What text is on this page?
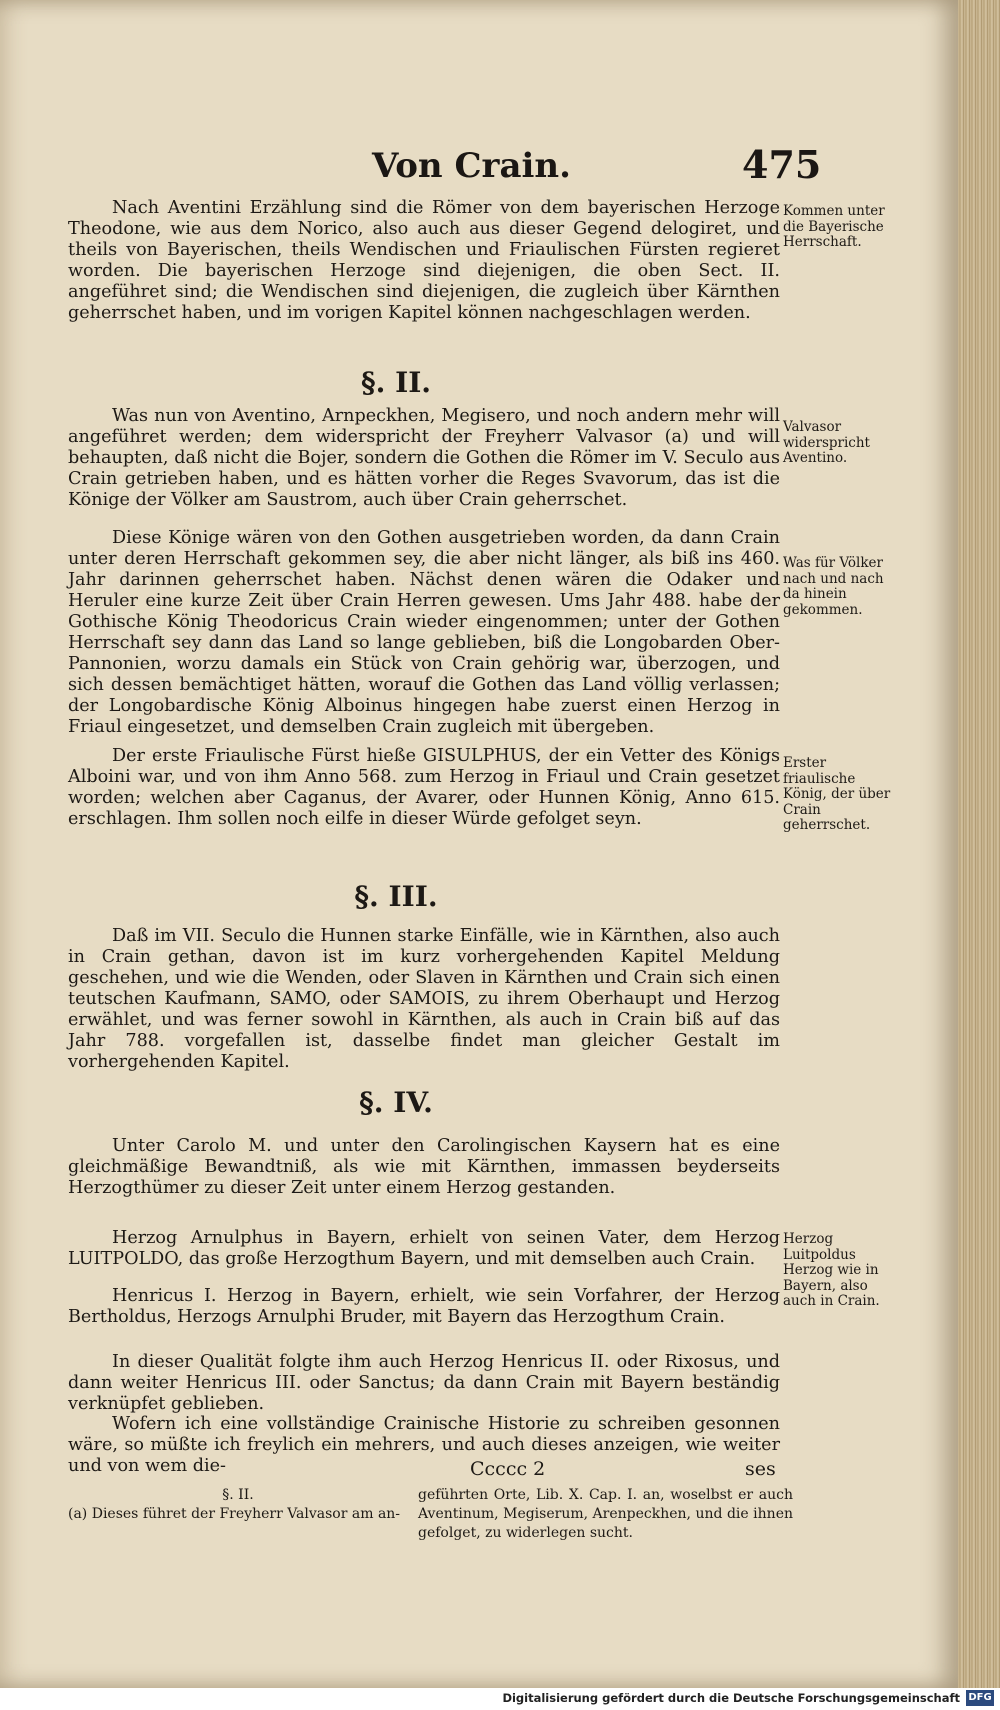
Von Crain.	475

Nach Aventini Erzählung sind die Römer von dem bayerischen Herzoge Theodone, wie aus dem Norico, also auch aus dieser Gegend delogiret, und theils von Bayerischen, theils Wendischen und Friaulischen Fürsten regieret worden. Die bayerischen Herzoge sind diejenigen, die oben Sect. II. angeführet sind; die Wendischen sind diejenigen, die zugleich über Kärnthen geherrschet haben, und im vorigen Kapitel können nachgeschlagen werden.

Kommen unter die Bayerische Herrschaft.
§. II.

Was nun von Aventino, Arnpeckhen, Megisero, und noch andern mehr will angeführet werden; dem widerspricht der Freyherr Valvasor (a) und will behaupten, daß nicht die Bojer, sondern die Gothen die Römer im V. Seculo aus Crain getrieben haben, und es hätten vorher die Reges Svavorum, das ist die Könige der Völker am Saustrom, auch über Crain geherrschet.

Valvasor widerspricht Aventino.

Diese Könige wären von den Gothen ausgetrieben worden, da dann Crain unter deren Herrschaft gekommen sey, die aber nicht länger, als biß ins 460. Jahr darinnen geherrschet haben. Nächst denen wären die Odaker und Heruler eine kurze Zeit über Crain Herren gewesen. Ums Jahr 488. habe der Gothische König Theodoricus Crain wieder eingenommen; unter der Gothen Herrschaft sey dann das Land so lange geblieben, biß die Longobarden Ober-Pannonien, worzu damals ein Stück von Crain gehörig war, überzogen, und sich dessen bemächtiget hätten, worauf die Gothen das Land völlig verlassen; der Longobardische König Alboinus hingegen habe zuerst einen Herzog in Friaul eingesetzet, und demselben Crain zugleich mit übergeben.

Was für Völker nach und nach da hinein gekommen.

Der erste Friaulische Fürst hieße GISULPHUS, der ein Vetter des Königs Alboini war, und von ihm Anno 568. zum Herzog in Friaul und Crain gesetzet worden; welchen aber Caganus, der Avarer, oder Hunnen König, Anno 615. erschlagen. Ihm sollen noch eilfe in dieser Würde gefolget seyn.

Erster friaulische König, der über Crain geherrschet.
§. III.

Daß im VII. Seculo die Hunnen starke Einfälle, wie in Kärnthen, also auch in Crain gethan, davon ist im kurz vorhergehenden Kapitel Meldung geschehen, und wie die Wenden, oder Slaven in Kärnthen und Crain sich einen teutschen Kaufmann, SAMO, oder SAMOIS, zu ihrem Oberhaupt und Herzog erwählet, und was ferner sowohl in Kärnthen, als auch in Crain biß auf das Jahr 788. vorgefallen ist, dasselbe findet man gleicher Gestalt im vorhergehenden Kapitel.

§. IV.

Unter Carolo M. und unter den Carolingischen Kaysern hat es eine gleichmäßige Bewandtniß, als wie mit Kärnthen, immassen beyderseits Herzogthümer zu dieser Zeit unter einem Herzog gestanden.

Herzog Arnulphus in Bayern, erhielt von seinen Vater, dem Herzog LUITPOLDO, das große Herzogthum Bayern, und mit demselben auch Crain.

Herzog Luitpoldus Herzog wie in Bayern, also auch in Crain.

Henricus I. Herzog in Bayern, erhielt, wie sein Vorfahrer, der Herzog Bertholdus, Herzogs Arnulphi Bruder, mit Bayern das Herzogthum Crain.

In dieser Qualität folgte ihm auch Herzog Henricus II. oder Rixosus, und dann weiter Henricus III. oder Sanctus; da dann Crain mit Bayern beständig verknüpfet geblieben.

Wofern ich eine vollständige Crainische Historie zu schreiben gesonnen wäre, so müßte ich freylich ein mehrers, und auch dieses anzeigen, wie weiter und von wem die-	Ccccc 2	ses

§. II.

(a) Dieses führet der Freyherr Valvasor am an-

geführten Orte, Lib. X. Cap. I. an, woselbst er auch Aventinum, Megiserum, Arenpeckhen, und die ihnen gefolget, zu widerlegen sucht.

Digitalisierung gefördert durch die Deutsche Forschungsgemeinschaft DFG
